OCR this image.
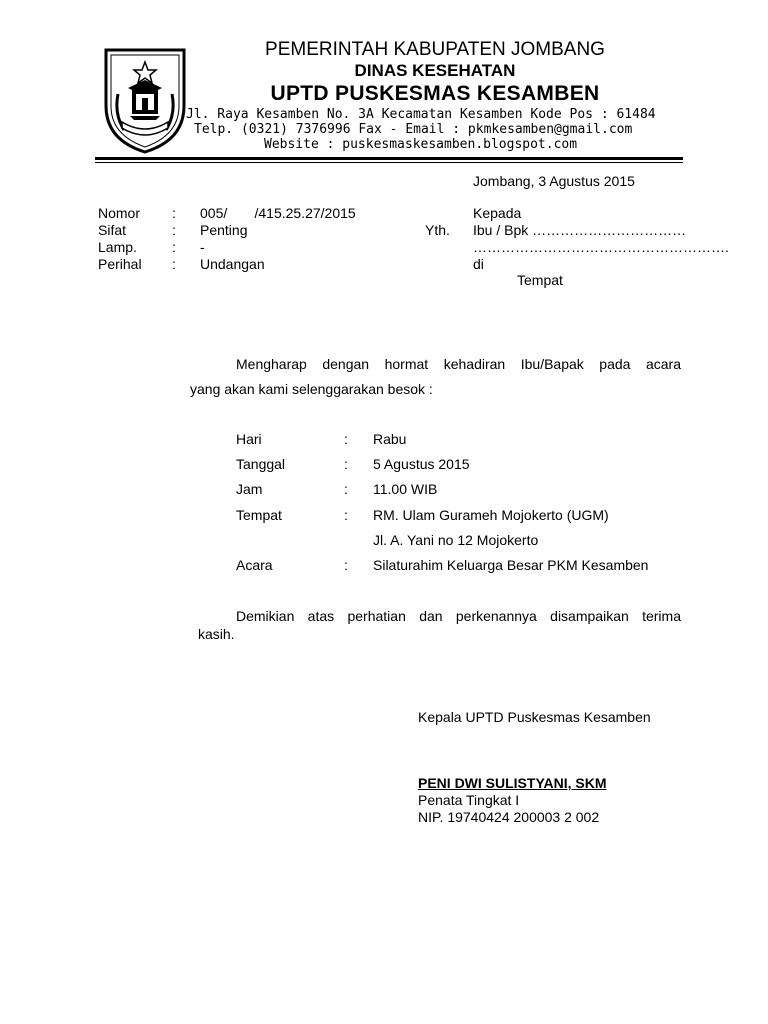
PEMERINTAH KABUPATEN JOMBANG
DINAS KESEHATAN
UPTD PUSKESMAS KESAMBEN
Jl. Raya Kesamben No. 3A Kecamatan Kesamben Kode Pos : 61484
Telp. (0321) 7376996 Fax - Email : pkmkesamben@gmail.com
Website : puskesmaskesamben.blogspot.com
Jombang, 3 Agustus 2015
Nomor : 005/       /415.25.27/2015
Sifat	: Penting
Lamp.	: -
Perihal : Undangan
Kepada
Yth. Ibu / Bpk ……………………………
……………………………………………….
di
Tempat
Mengharap dengan hormat kehadiran Ibu/Bapak pada acara
yang akan kami selenggarakan besok :
Hari	: Rabu
Tanggal	: 5 Agustus 2015
Jam	: 11.00 WIB
Tempat	: RM. Ulam Gurameh Mojokerto (UGM)
Jl. A. Yani no 12 Mojokerto
Acara	: Silaturahim Keluarga Besar PKM Kesamben
Demikian atas perhatian dan perkenannya disampaikan terima
kasih.
Kepala UPTD Puskesmas Kesamben
PENI DWI SULISTYANI, SKM
Penata Tingkat I
NIP. 19740424 200003 2 002
